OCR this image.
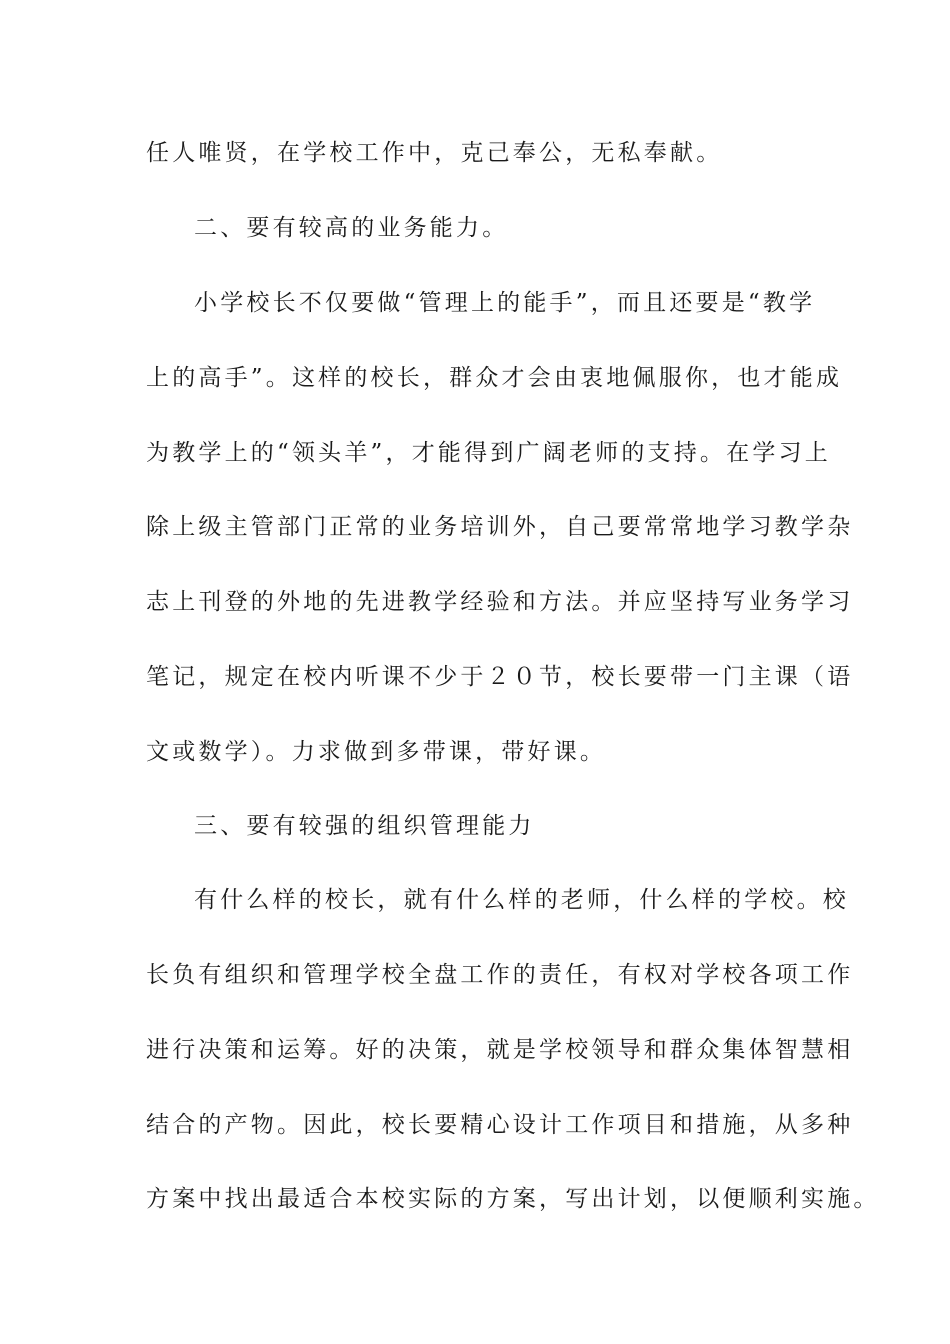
任人唯贤，在学校工作中，克己奉公，无私奉献。
二、要有较高的业务能力。
小学校长不仅要做“管理上的能手”，而且还要是“教学
上的高手”。这样的校长，群众才会由衷地佩服你，也才能成
为教学上的“领头羊”，才能得到广阔老师的支持。在学习上
除上级主管部门正常的业务培训外，自己要常常地学习教学杂
志上刊登的外地的先进教学经验和方法。并应坚持写业务学习
笔记，规定在校内听课不少于２０节，校长要带一门主课（语
文或数学）。力求做到多带课，带好课。
三、要有较强的组织管理能力
有什么样的校长，就有什么样的老师，什么样的学校。校
长负有组织和管理学校全盘工作的责任，有权对学校各项工作
进行决策和运筹。好的决策，就是学校领导和群众集体智慧相
结合的产物。因此，校长要精心设计工作项目和措施，从多种
方案中找出最适合本校实际的方案，写出计划，以便顺利实施。
